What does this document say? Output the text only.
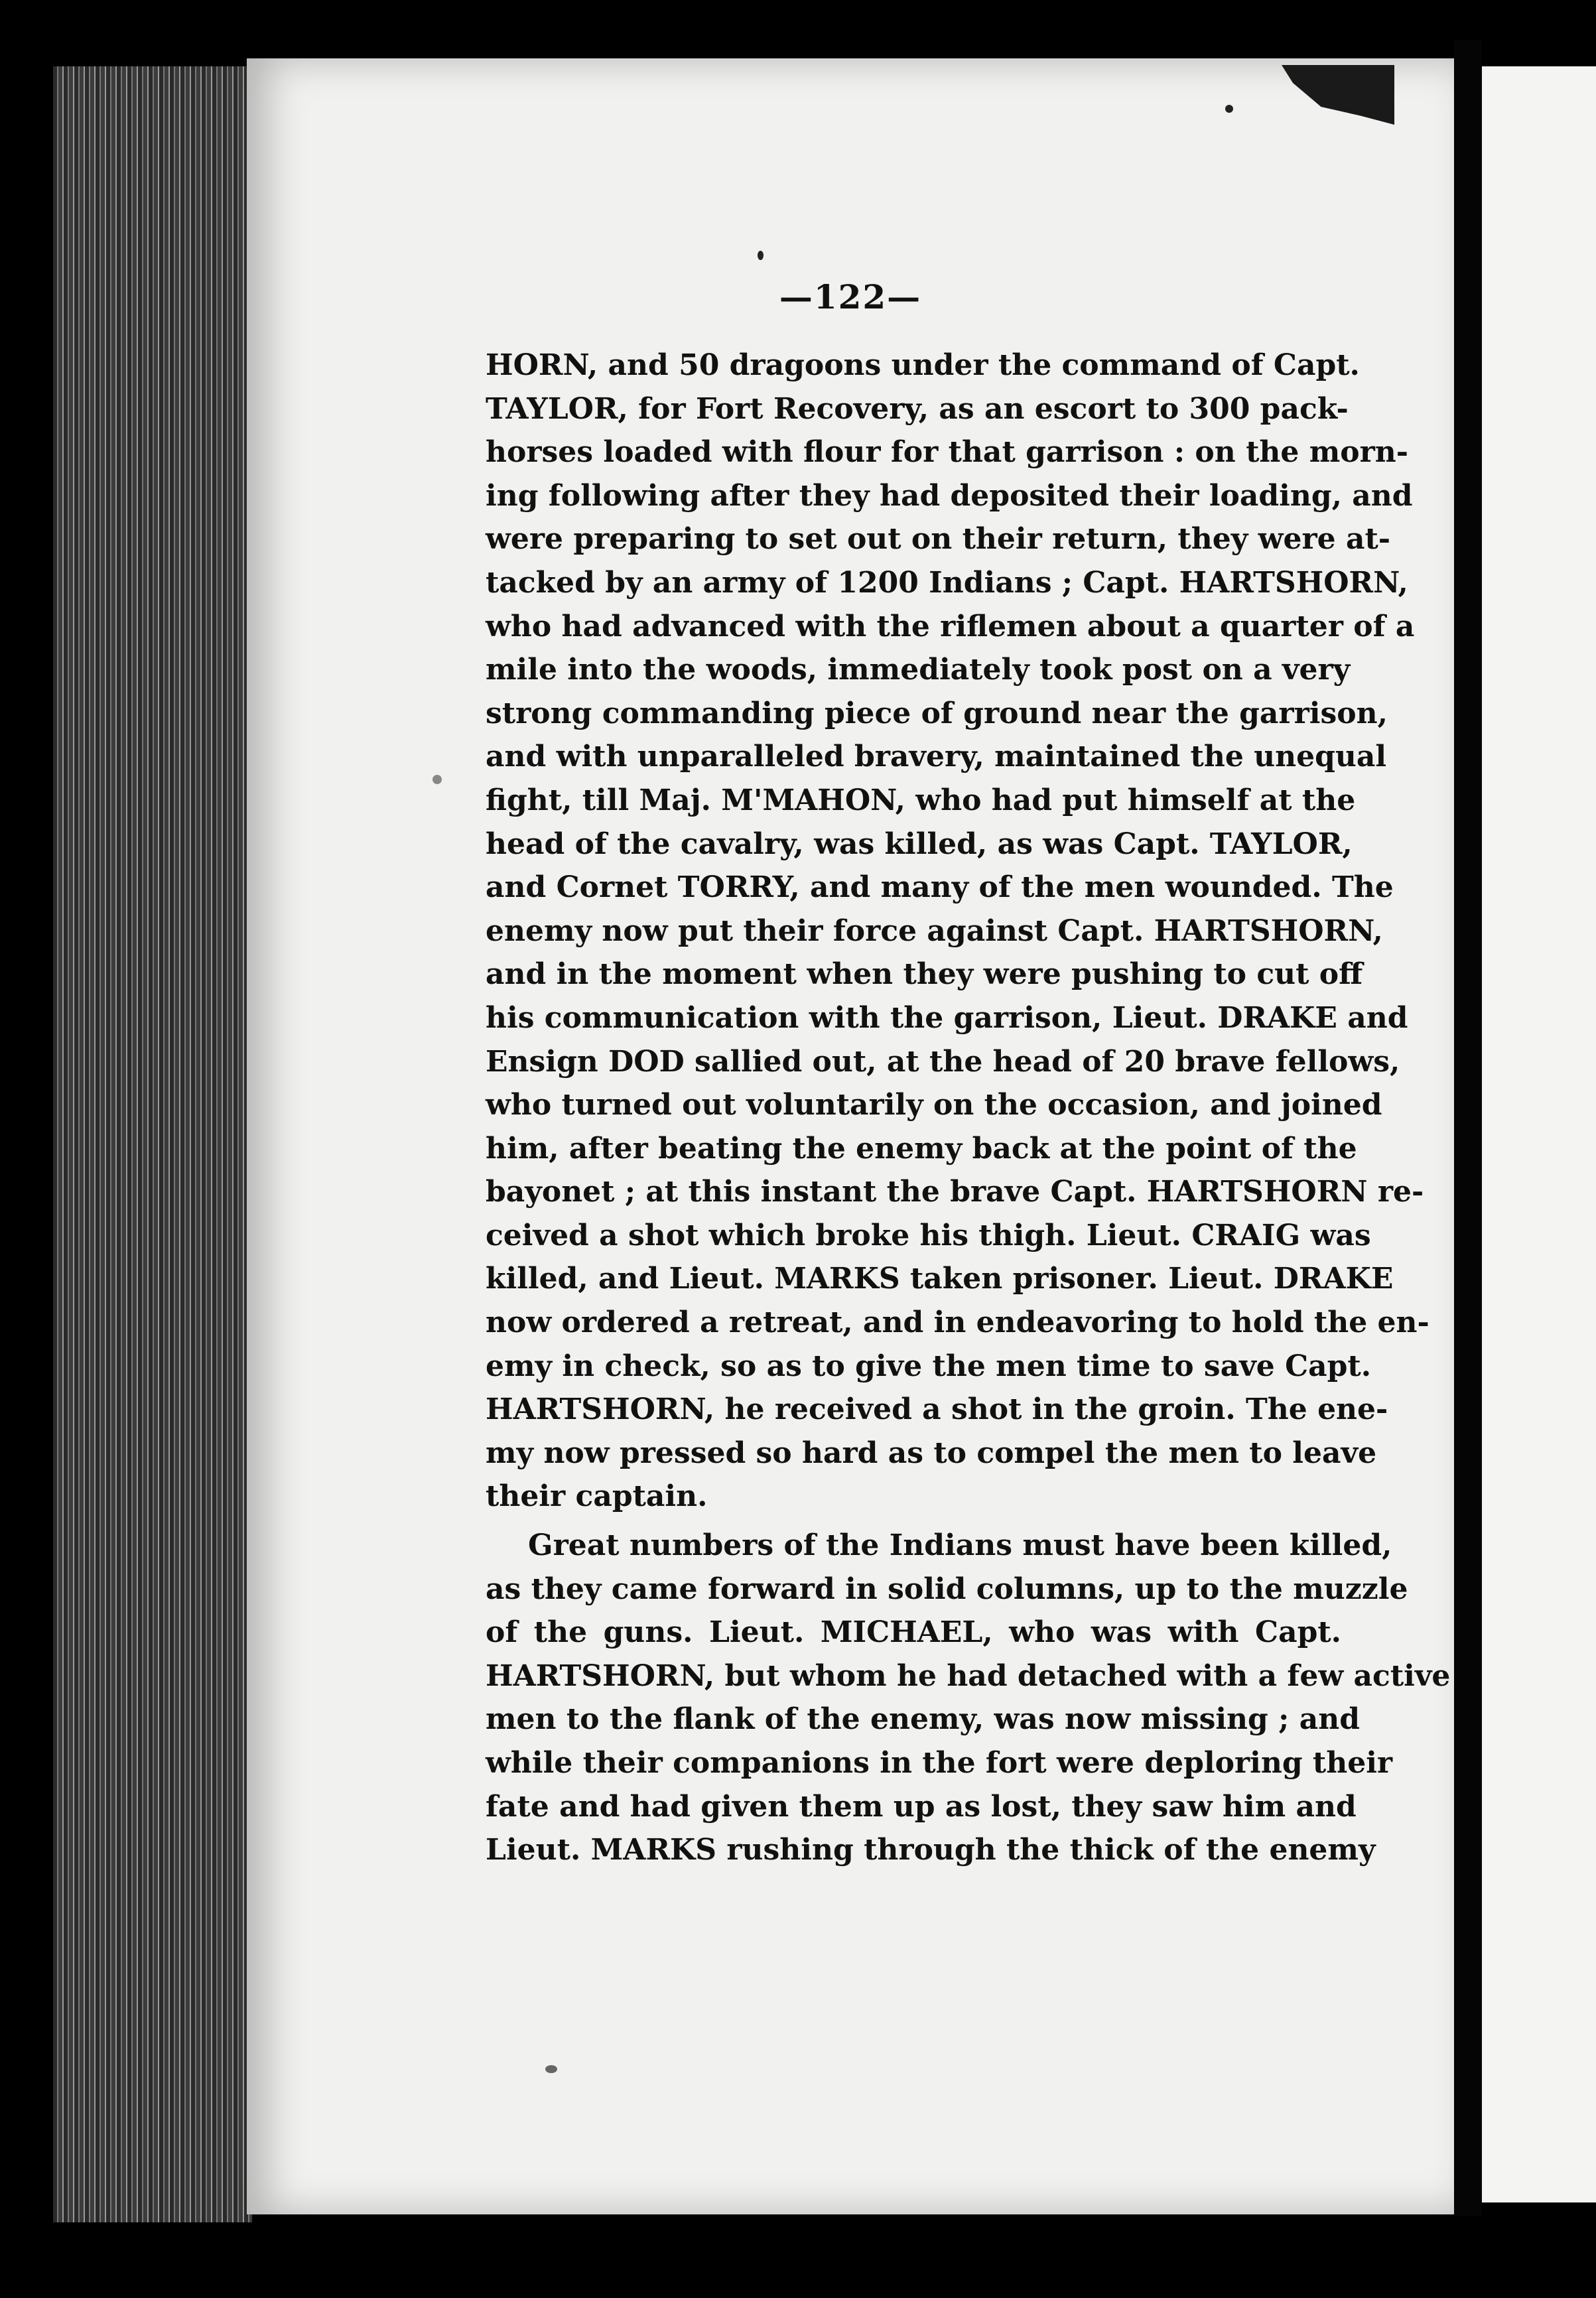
—122—
HORN, and 50 dragoons under the command of Capt.
TAYLOR, for Fort Recovery, as an escort to 300 pack-
horses loaded with flour for that garrison : on the morn-
ing following after they had deposited their loading, and
were preparing to set out on their return, they were at-
tacked by an army of 1200 Indians ; Capt. HARTSHORN,
who had advanced with the riflemen about a quarter of a
mile into the woods, immediately took post on a very
strong commanding piece of ground near the garrison,
and with unparalleled bravery, maintained the unequal
fight, till Maj. M'MAHON, who had put himself at the
head of the cavalry, was killed, as was Capt. TAYLOR,
and Cornet TORRY, and many of the men wounded. The
enemy now put their force against Capt. HARTSHORN,
and in the moment when they were pushing to cut off
his communication with the garrison, Lieut. DRAKE and
Ensign DOD sallied out, at the head of 20 brave fellows,
who turned out voluntarily on the occasion, and joined
him, after beating the enemy back at the point of the
bayonet ; at this instant the brave Capt. HARTSHORN re-
ceived a shot which broke his thigh. Lieut. CRAIG was
killed, and Lieut. MARKS taken prisoner. Lieut. DRAKE
now ordered a retreat, and in endeavoring to hold the en-
emy in check, so as to give the men time to save Capt.
HARTSHORN, he received a shot in the groin. The ene-
my now pressed so hard as to compel the men to leave
their captain.
Great numbers of the Indians must have been killed,
as they came forward in solid columns, up to the muzzle
of the guns. Lieut. MICHAEL, who was with Capt.
HARTSHORN, but whom he had detached with a few active
men to the flank of the enemy, was now missing ; and
while their companions in the fort were deploring their
fate and had given them up as lost, they saw him and
Lieut. MARKS rushing through the thick of the enemy
